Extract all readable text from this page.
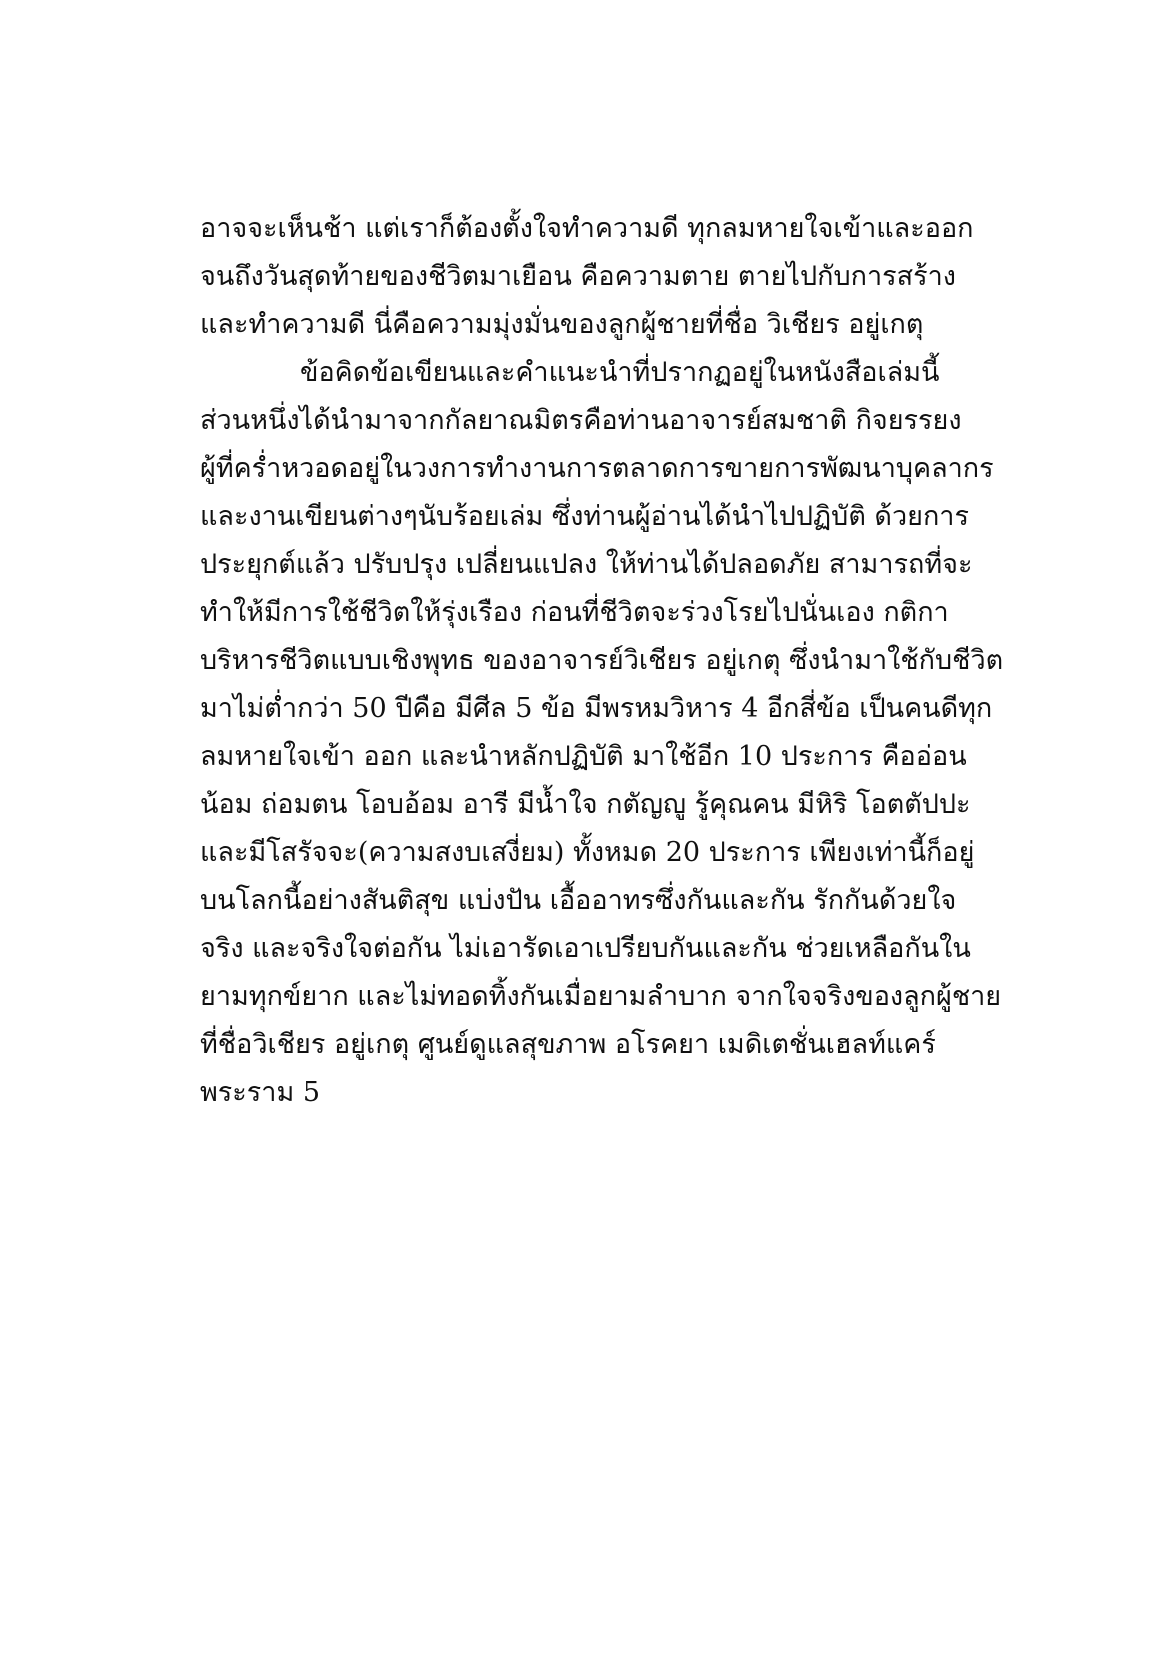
อาจจะเห็นช้า แต่เราก็ต้องตั้งใจทำความดี ทุกลมหายใจเข้าและออก
จนถึงวันสุดท้ายของชีวิตมาเยือน คือความตาย ตายไปกับการสร้าง
และทำความดี นี่คือความมุ่งมั่นของลูกผู้ชายที่ชื่อ วิเชียร อยู่เกตุ
ข้อคิดข้อเขียนและคำแนะนำที่ปรากฏอยู่ในหนังสือเล่มนี้
ส่วนหนึ่งได้นำมาจากกัลยาณมิตรคือท่านอาจารย์สมชาติ กิจยรรยง
ผู้ที่คร่ำหวอดอยู่ในวงการทำงานการตลาดการขายการพัฒนาบุคลากร
และงานเขียนต่างๆนับร้อยเล่ม ซึ่งท่านผู้อ่านได้นำไปปฏิบัติ ด้วยการ
ประยุกต์แล้ว ปรับปรุง เปลี่ยนแปลง ให้ท่านได้ปลอดภัย สามารถที่จะ
ทำให้มีการใช้ชีวิตให้รุ่งเรือง ก่อนที่ชีวิตจะร่วงโรยไปนั่นเอง กติกา
บริหารชีวิตแบบเชิงพุทธ ของอาจารย์วิเชียร อยู่เกตุ ซึ่งนำมาใช้กับชีวิต
มาไม่ต่ำกว่า 50 ปีคือ มีศีล 5 ข้อ มีพรหมวิหาร 4 อีกสี่ข้อ เป็นคนดีทุก
ลมหายใจเข้า ออก และนำหลักปฏิบัติ มาใช้อีก 10 ประการ คืออ่อน
น้อม ถ่อมตน โอบอ้อม อารี มีน้ำใจ กตัญญู รู้คุณคน มีหิริ โอตตัปปะ
และมีโสรัจจะ(ความสงบเสงี่ยม) ทั้งหมด 20 ประการ เพียงเท่านี้ก็อยู่
บนโลกนี้อย่างสันติสุข แบ่งปัน เอื้ออาทรซึ่งกันและกัน รักกันด้วยใจ
จริง และจริงใจต่อกัน ไม่เอารัดเอาเปรียบกันและกัน ช่วยเหลือกันใน
ยามทุกข์ยาก และไม่ทอดทิ้งกันเมื่อยามลำบาก จากใจจริงของลูกผู้ชาย
ที่ชื่อวิเชียร อยู่เกตุ ศูนย์ดูแลสุขภาพ อโรคยา เมดิเตชั่นเฮลท์แคร์
พระราม 5
